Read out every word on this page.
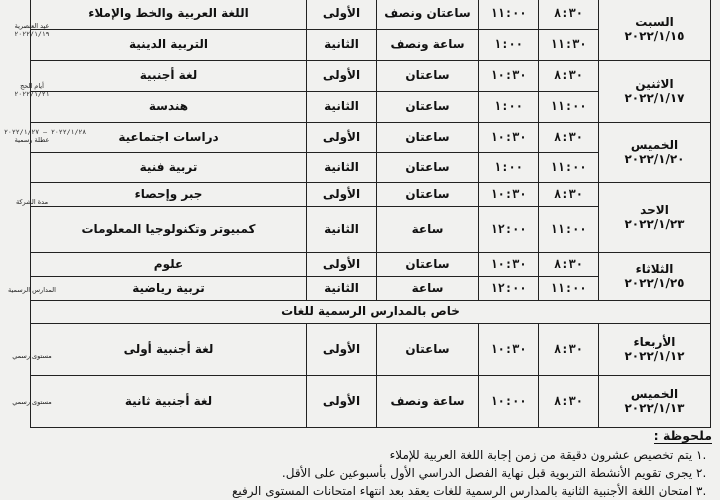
عيد العنصرية
٢٠٢٢/١/١٩
أيام الحج
٢٠٢٢/١/٢١
٢٠٢٢/١/٢٨ – ٢٠٢٢/١/٢٧
عطلة رسمية
مدة الشركة
المدارس الرسمية
مستوى رسمي
مستوى رسمي
السبت
٢٠٢٢/١/١٥	٨:٣٠	١١:٠٠	ساعتان ونصف	الأولى	اللغة العربية والخط والإملاء
	١١:٣٠	١:٠٠	ساعة ونصف	الثانية	التربية الدينية

الاثنين
٢٠٢٢/١/١٧	٨:٣٠	١٠:٣٠	ساعتان	الأولى	لغة أجنبية
	١١:٠٠	١:٠٠	ساعتان	الثانية	هندسة

الخميس
٢٠٢٢/١/٢٠	٨:٣٠	١٠:٣٠	ساعتان	الأولى	دراسات اجتماعية
	١١:٠٠	١:٠٠	ساعتان	الثانية	تربية فنية

الاحد
٢٠٢٢/١/٢٣	٨:٣٠	١٠:٣٠	ساعتان	الأولى	جبر وإحصاء
	١١:٠٠	١٢:٠٠	ساعة	الثانية	كمبيوتر وتكنولوجيا المعلومات

الثلاثاء
٢٠٢٢/١/٢٥	٨:٣٠	١٠:٣٠	ساعتان	الأولى	علوم
	١١:٠٠	١٢:٠٠	ساعة	الثانية	تربية رياضية
خاص بالمدارس الرسمية للغات					

الأربعاء
٢٠٢٢/١/١٢	٨:٣٠	١٠:٣٠	ساعتان	الأولى	لغة أجنبية أولى

الخميس
٢٠٢٢/١/١٣	٨:٣٠	١٠:٠٠	ساعة ونصف	الأولى	لغة أجنبية ثانية
ملحوظة :
١. يتم تخصيص عشرون دقيقة من زمن إجابة اللغة العربية للإملاء
٢. يجرى تقويم الأنشطة التربوية قبل نهاية الفصل الدراسي الأول بأسبوعين على الأقل.
٣. امتحان اللغة الأجنبية الثانية بالمدارس الرسمية للغات يعقد بعد انتهاء امتحانات المستوى الرفيع
